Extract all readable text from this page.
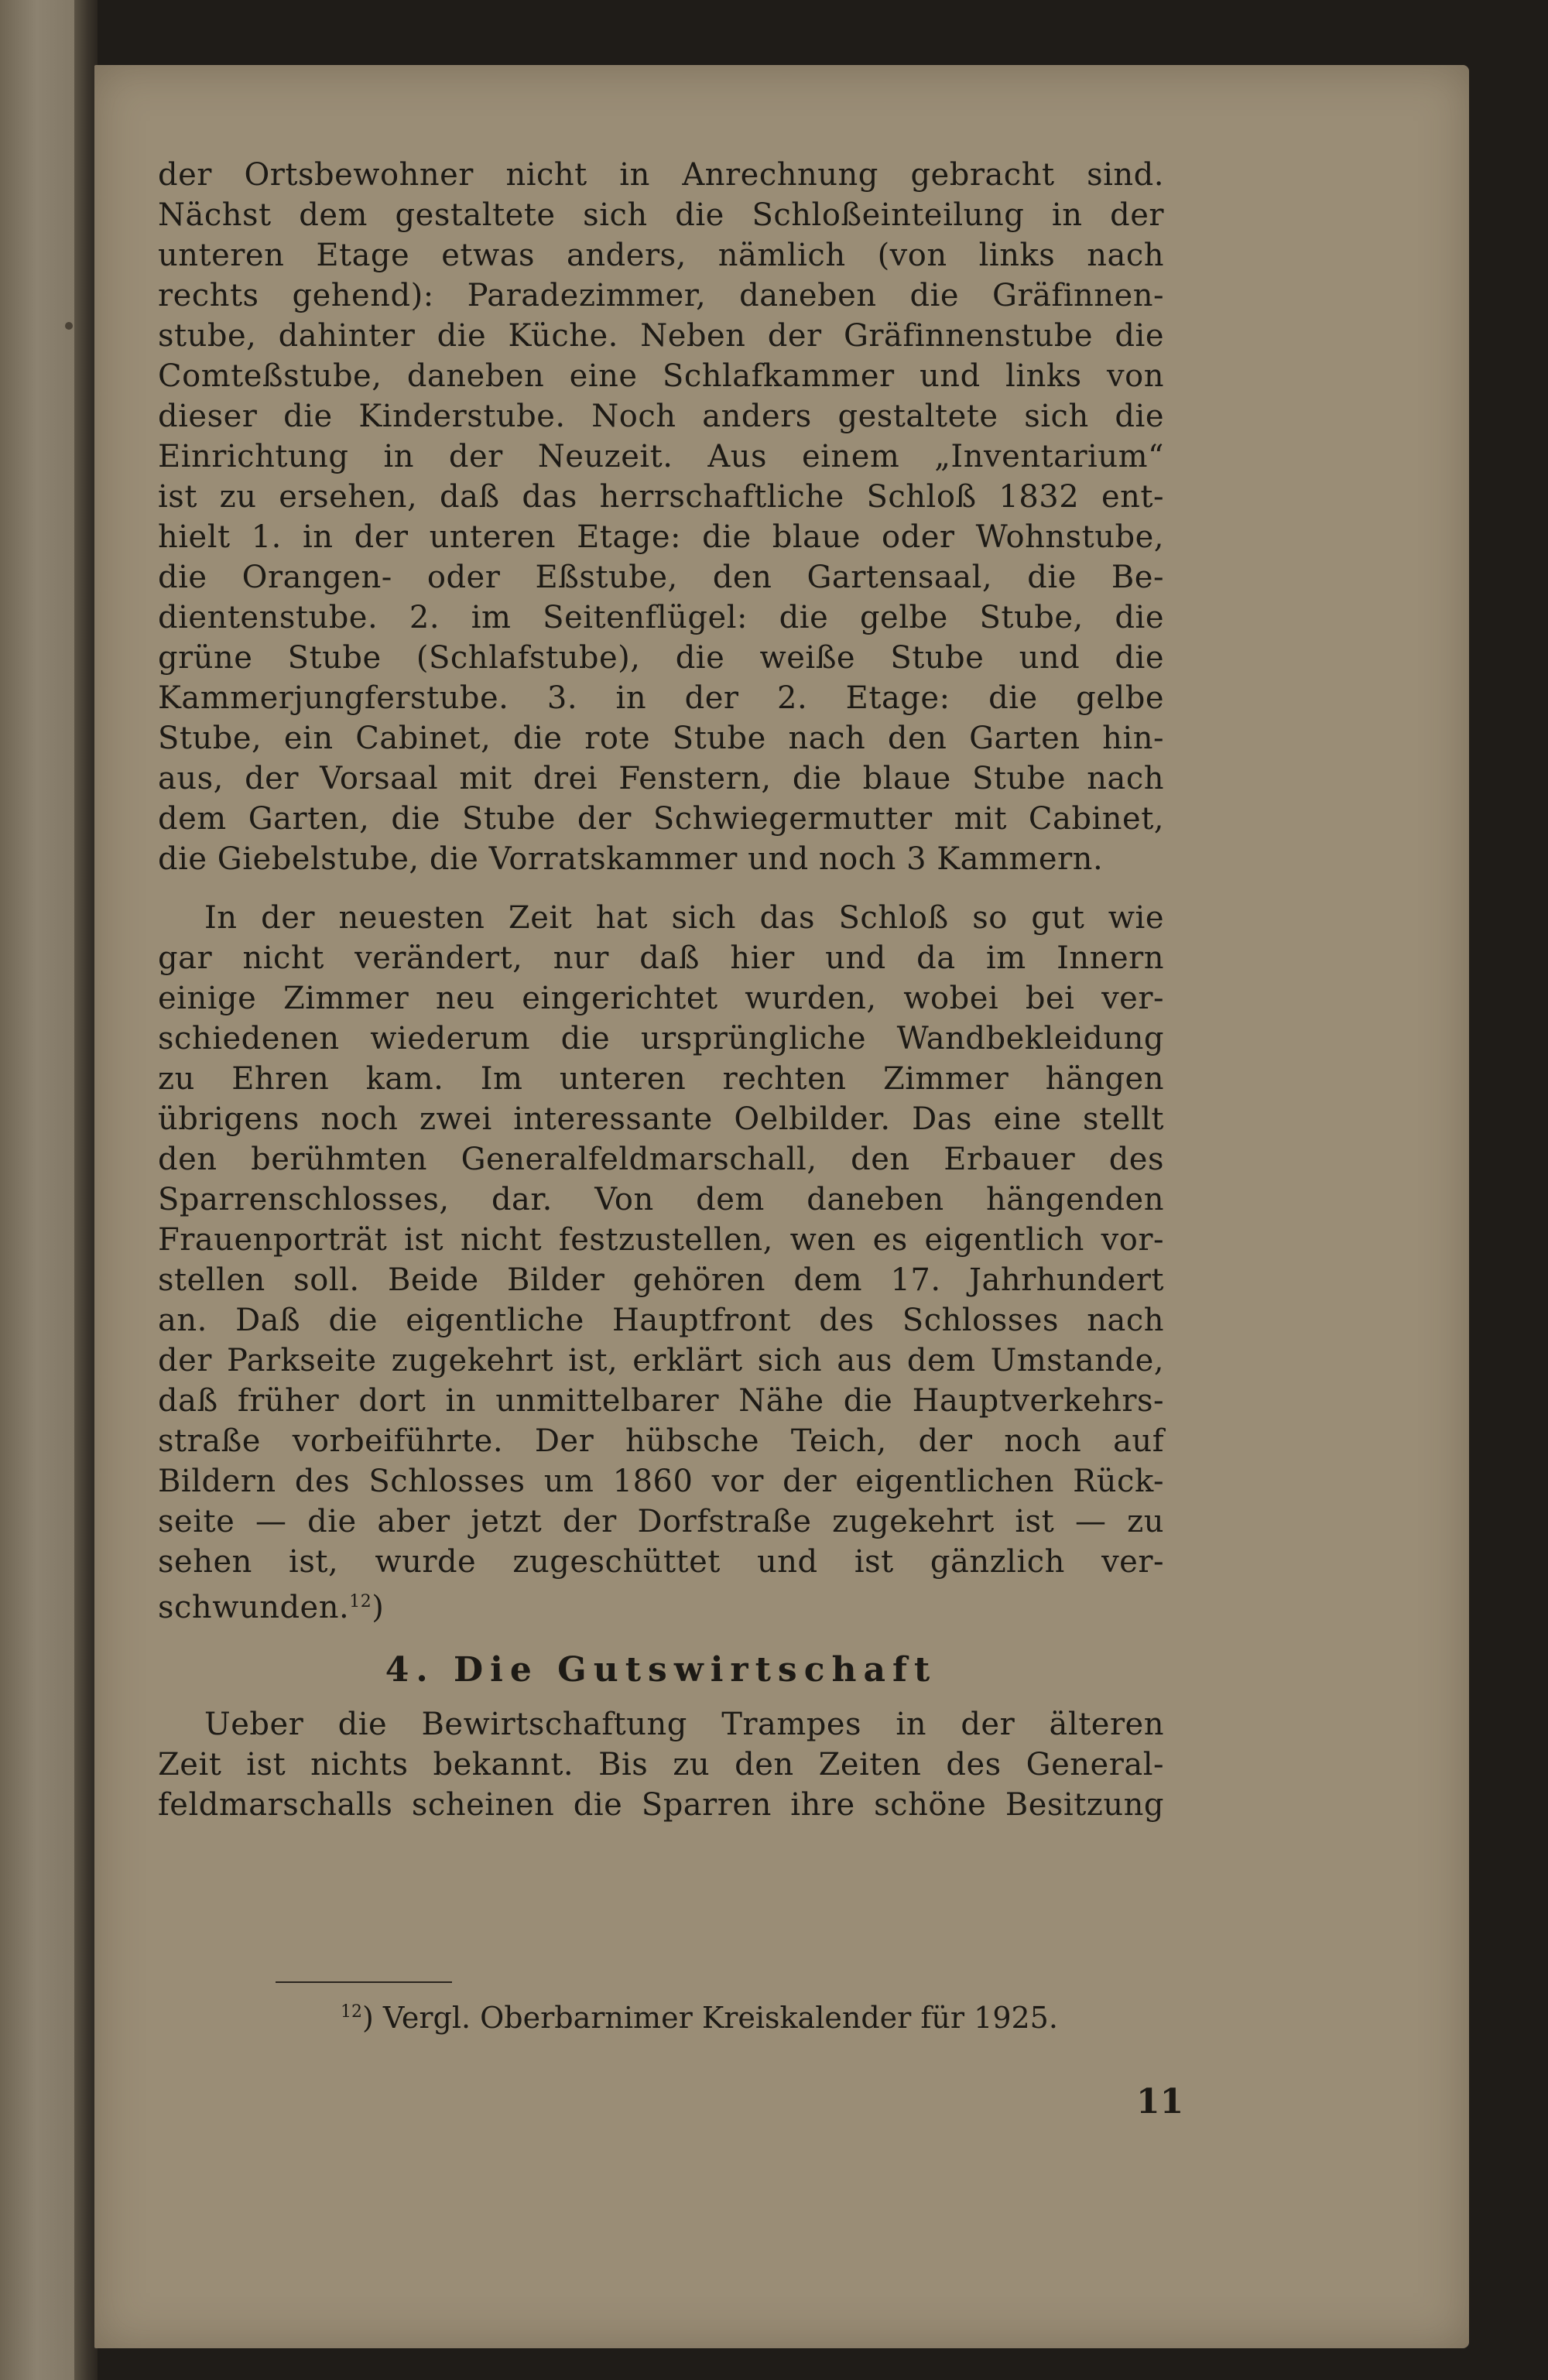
der Ortsbewohner nicht in Anrechnung gebracht sind.
Nächst dem gestaltete sich die Schloßeinteilung in der
unteren Etage etwas anders, nämlich (von links nach
rechts gehend): Paradezimmer, daneben die Gräfinnen-
stube, dahinter die Küche. Neben der Gräfinnenstube die
Comteßstube, daneben eine Schlafkammer und links von
dieser die Kinderstube. Noch anders gestaltete sich die
Einrichtung in der Neuzeit. Aus einem „Inventarium“
ist zu ersehen, daß das herrschaftliche Schloß 1832 ent-
hielt 1. in der unteren Etage: die blaue oder Wohnstube,
die Orangen- oder Eßstube, den Gartensaal, die Be-
dientenstube. 2. im Seitenflügel: die gelbe Stube, die
grüne Stube (Schlafstube), die weiße Stube und die
Kammerjungferstube. 3. in der 2. Etage: die gelbe
Stube, ein Cabinet, die rote Stube nach den Garten hin-
aus, der Vorsaal mit drei Fenstern, die blaue Stube nach
dem Garten, die Stube der Schwiegermutter mit Cabinet,
die Giebelstube, die Vorratskammer und noch 3 Kammern.
In der neuesten Zeit hat sich das Schloß so gut wie
gar nicht verändert, nur daß hier und da im Innern
einige Zimmer neu eingerichtet wurden, wobei bei ver-
schiedenen wiederum die ursprüngliche Wandbekleidung
zu Ehren kam. Im unteren rechten Zimmer hängen
übrigens noch zwei interessante Oelbilder. Das eine stellt
den berühmten Generalfeldmarschall, den Erbauer des
Sparrenschlosses, dar. Von dem daneben hängenden
Frauenporträt ist nicht festzustellen, wen es eigentlich vor-
stellen soll. Beide Bilder gehören dem 17. Jahrhundert
an. Daß die eigentliche Hauptfront des Schlosses nach
der Parkseite zugekehrt ist, erklärt sich aus dem Umstande,
daß früher dort in unmittelbarer Nähe die Hauptverkehrs-
straße vorbeiführte. Der hübsche Teich, der noch auf
Bildern des Schlosses um 1860 vor der eigentlichen Rück-
seite — die aber jetzt der Dorfstraße zugekehrt ist — zu
sehen ist, wurde zugeschüttet und ist gänzlich ver-
schwunden.$^{12}$)
4. Die Gutswirtschaft
Ueber die Bewirtschaftung Trampes in der älteren
Zeit ist nichts bekannt. Bis zu den Zeiten des General-
feldmarschalls scheinen die Sparren ihre schöne Besitzung
$^{12}$) Vergl. Oberbarnimer Kreiskalender für 1925.
11
